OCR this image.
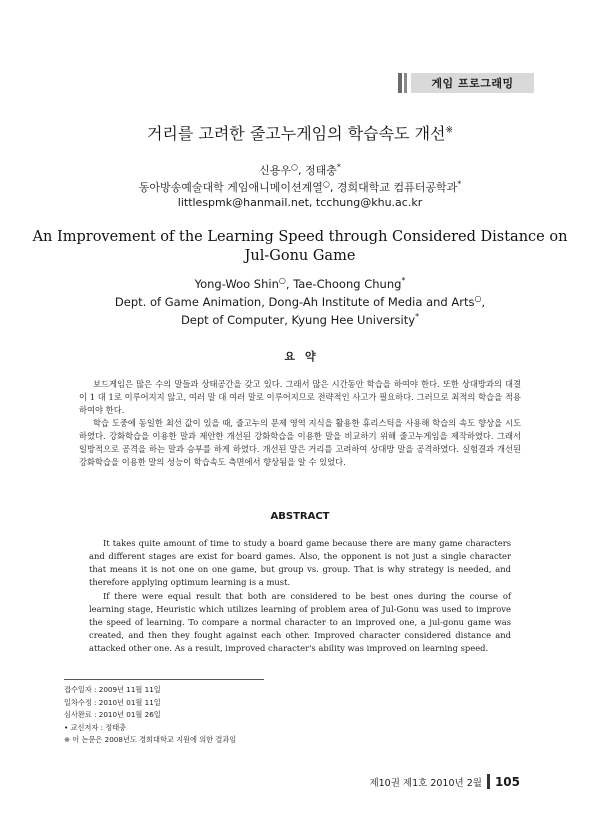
게임 프로그래밍
거리를 고려한 줄고누게임의 학습속도 개선※
신용우○, 정태충*
동아방송예술대학 게임애니메이션계열○, 경희대학교 컴퓨터공학과*
littlespmk@hanmail.net, tcchung@khu.ac.kr
An Improvement of the Learning Speed through Considered Distance on
Jul-Gonu Game
Yong-Woo Shin○, Tae-Choong Chung*
Dept. of Game Animation, Dong-Ah Institute of Media and Arts○,
Dept of Computer, Kyung Hee University*
요약

보드게임은 많은 수의 말들과 상태공간을 갖고 있다. 그래서 많은 시간동안 학습을 하여야 한다. 또한 상대방과의 대결이 1 대 1로 이루어지지 않고, 여러 말 대 여러 말로 이루어지므로 전략적인 사고가 필요하다. 그러므로 최적의 학습을 적용하여야 한다.

학습 도중에 동일한 최선 값이 있을 때, 줄고누의 문제 영역 지식을 활용한 휴리스틱을 사용해 학습의 속도 향상을 시도하였다. 강화학습을 이용한 말과 제안한 개선된 강화학습을 이용한 말을 비교하기 위해 줄고누게임을 제작하였다. 그래서 일방적으로 공격을 하는 말과 승부를 하게 하였다. 개선된 말은 거리를 고려하여 상대방 말을 공격하였다. 실험결과 개선된 강화학습을 이용한 말의 성능이 학습속도 측면에서 향상됨을 알 수 있었다.

ABSTRACT

It takes quite amount of time to study a board game because there are many game characters and different stages are exist for board games. Also, the opponent is not just a single character that means it is not one on one game, but group vs. group. That is why strategy is needed, and therefore applying optimum learning is a must.

If there were equal result that both are considered to be best ones during the course of learning stage, Heuristic which utilizes learning of problem area of Jul-Gonu was used to improve the speed of learning. To compare a normal character to an improved one, a jul-gonu game was created, and then they fought against each other. Improved character considered distance and attacked other one. As a result, improved character's ability was improved on learning speed.

접수일자 : 2009년 11월 11일
일차수정 : 2010년 01월 11일
심사완료 : 2010년 01월 26일
• 교신저자 : 정태충
※ 이 논문은 2008년도 경희대학교 지원에 의한 결과임
제10권 제1호 2010년 2월 105
